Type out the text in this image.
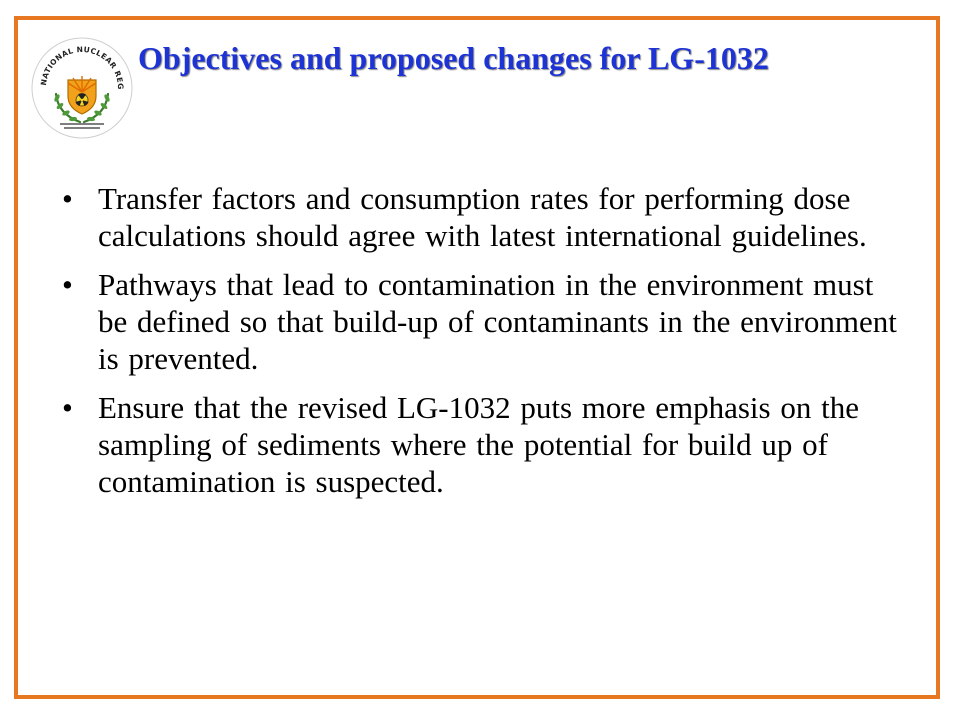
NATIONAL NUCLEAR REG
Objectives and proposed changes for LG-1032
• Transfer factors and consumption rates for performing dose calculations should agree with latest international guidelines.
• Pathways that lead to contamination in the environment must be defined so that build-up of contaminants in the environment is prevented.
• Ensure that the revised LG-1032 puts more emphasis on the sampling of sediments where the potential for build up of contamination is suspected.
